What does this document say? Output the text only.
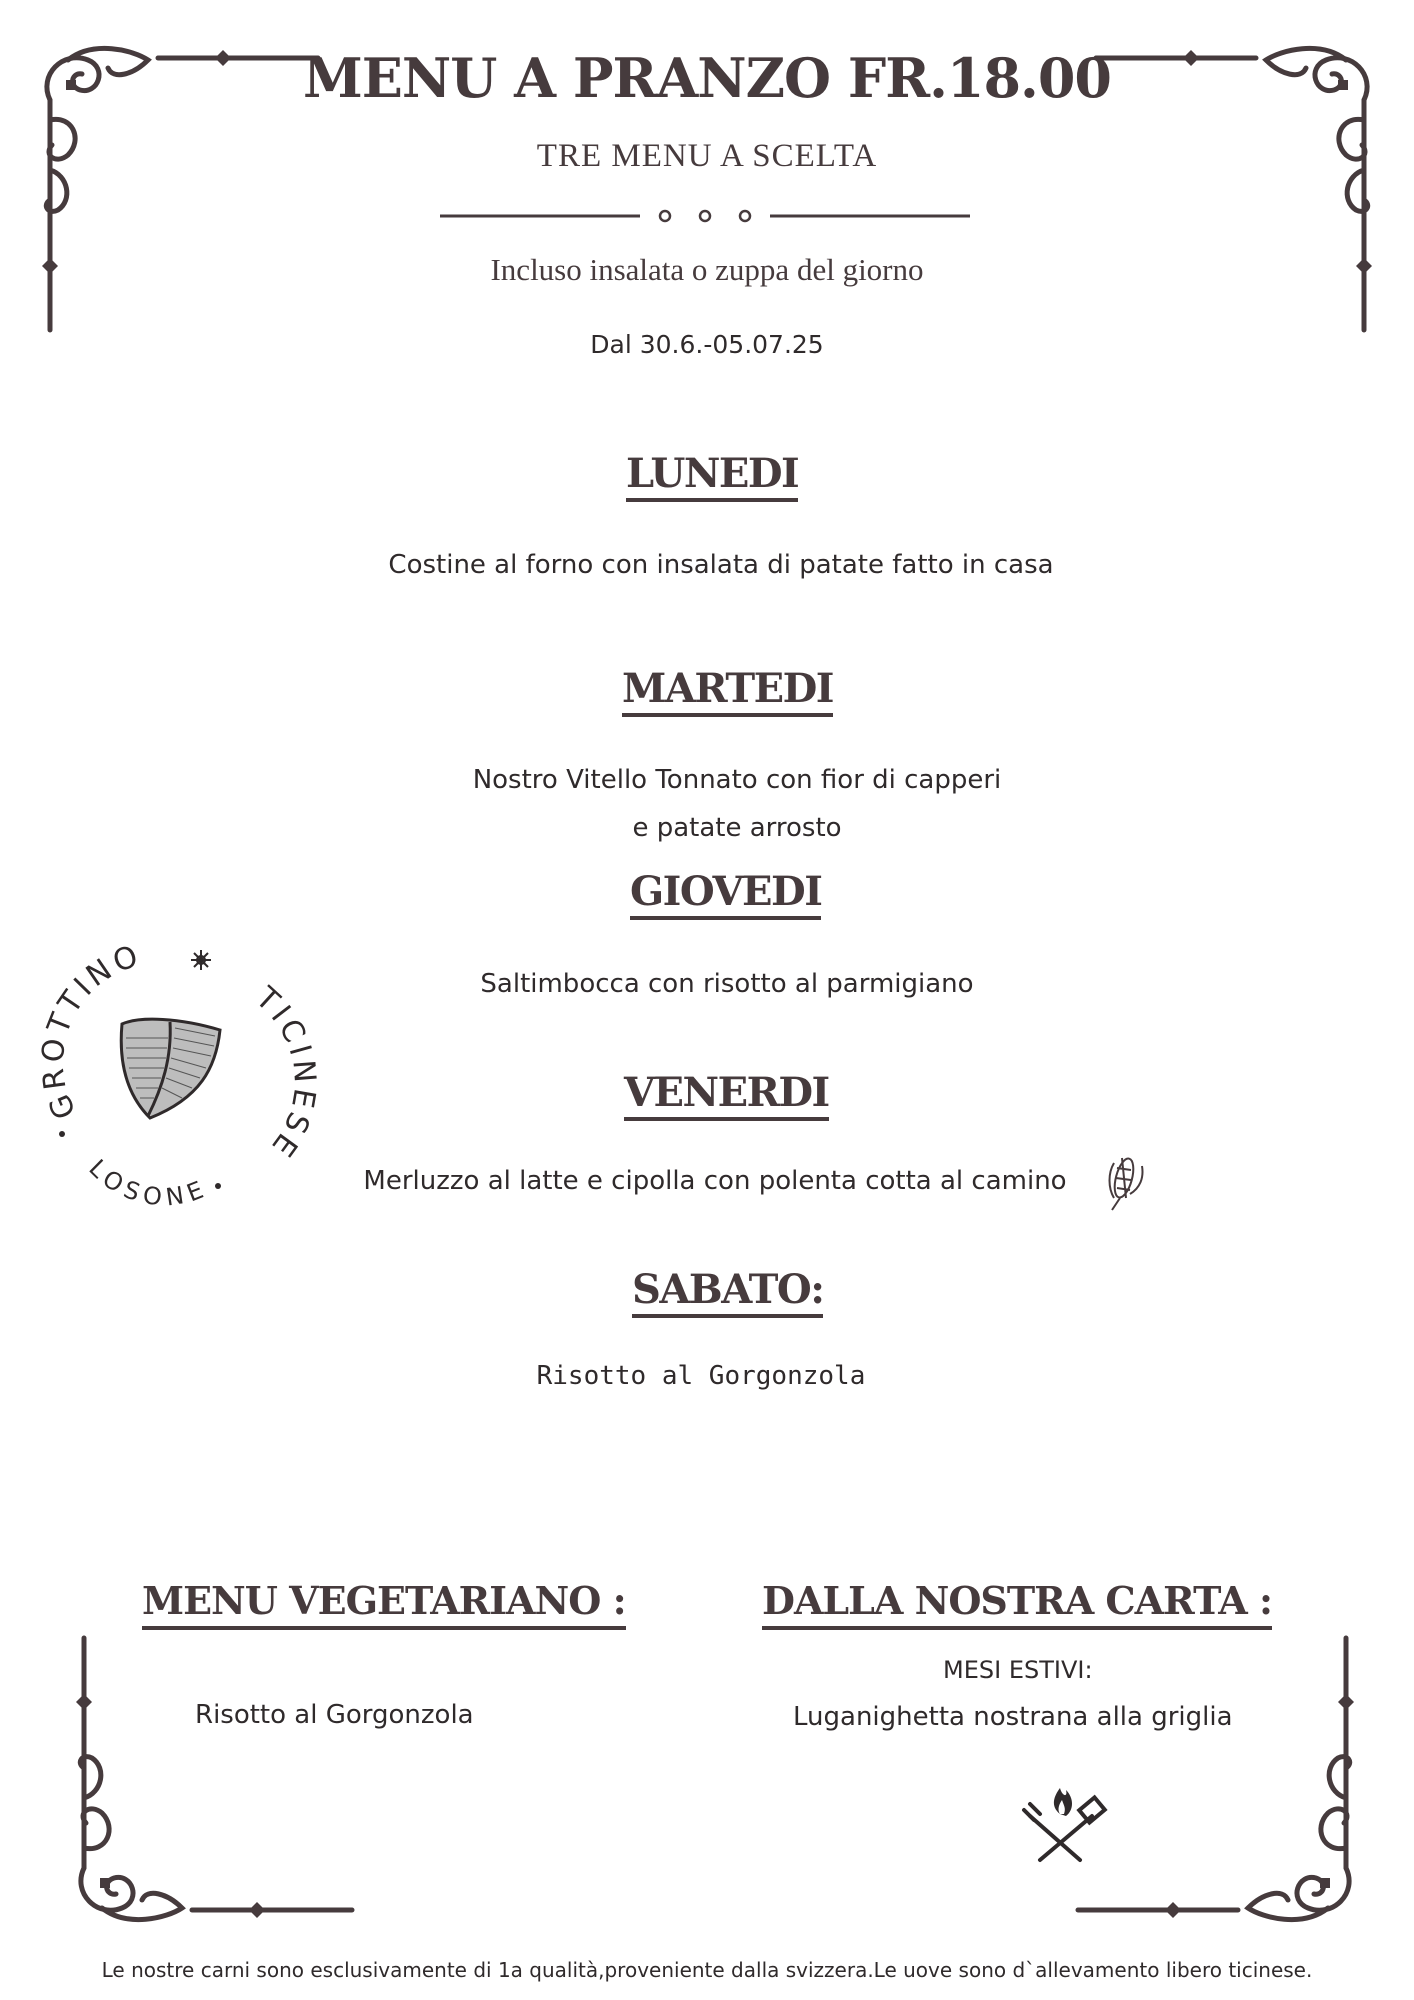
MENU A PRANZO FR.18.00
TRE MENU A SCELTA
Incluso insalata o zuppa del giorno
Dal 30.6.-05.07.25
LUNEDI
Costine al forno con insalata di patate fatto in casa
MARTEDI
Nostro Vitello Tonnato con fior di capperi
e patate arrosto
GIOVEDI
Saltimbocca con risotto al parmigiano
VENERDI
Merluzzo al latte e cipolla con polenta cotta al camino
SABATO:
Risotto al Gorgonzola
GROTTINO
TICINESE
LOSONE
MENU VEGETARIANO :
Risotto al Gorgonzola
DALLA NOSTRA CARTA :
MESI ESTIVI:
Luganighetta nostrana alla griglia
Le nostre carni sono esclusivamente di 1a qualità,proveniente dalla svizzera.Le uove sono d`allevamento libero ticinese.
